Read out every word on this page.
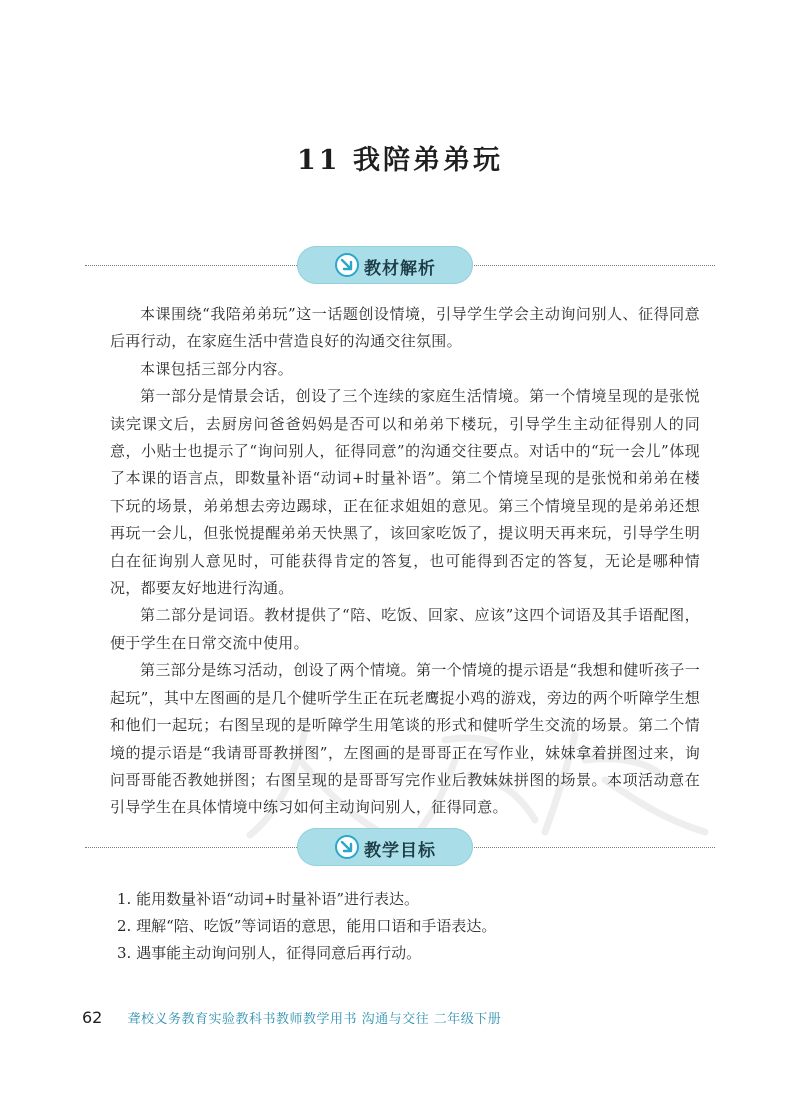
11 我陪弟弟玩
教材解析

本课围绕“我陪弟弟玩”这一话题创设情境，引导学生学会主动询问别人、征得同意后再行动，在家庭生活中营造良好的沟通交往氛围。

本课包括三部分内容。

第一部分是情景会话，创设了三个连续的家庭生活情境。第一个情境呈现的是张悦读完课文后，去厨房问爸爸妈妈是否可以和弟弟下楼玩，引导学生主动征得别人的同意，小贴士也提示了“询问别人，征得同意”的沟通交往要点。对话中的“玩一会儿”体现了本课的语言点，即数量补语“动词+时量补语”。第二个情境呈现的是张悦和弟弟在楼下玩的场景，弟弟想去旁边踢球，正在征求姐姐的意见。第三个情境呈现的是弟弟还想再玩一会儿，但张悦提醒弟弟天快黑了，该回家吃饭了，提议明天再来玩，引导学生明白在征询别人意见时，可能获得肯定的答复，也可能得到否定的答复，无论是哪种情况，都要友好地进行沟通。

第二部分是词语。教材提供了“陪、吃饭、回家、应该”这四个词语及其手语配图，便于学生在日常交流中使用。

第三部分是练习活动，创设了两个情境。第一个情境的提示语是“我想和健听孩子一起玩”，其中左图画的是几个健听学生正在玩老鹰捉小鸡的游戏，旁边的两个听障学生想和他们一起玩；右图呈现的是听障学生用笔谈的形式和健听学生交流的场景。第二个情境的提示语是“我请哥哥教拼图”，左图画的是哥哥正在写作业，妹妹拿着拼图过来，询问哥哥能否教她拼图；右图呈现的是哥哥写完作业后教妹妹拼图的场景。本项活动意在引导学生在具体情境中练习如何主动询问别人，征得同意。

教学目标
1. 能用数量补语“动词+时量补语”进行表达。
2. 理解“陪、吃饭”等词语的意思，能用口语和手语表达。
3. 遇事能主动询问别人，征得同意后再行动。
62 聋校义务教育实验教科书教师教学用书 沟通与交往 二年级下册
